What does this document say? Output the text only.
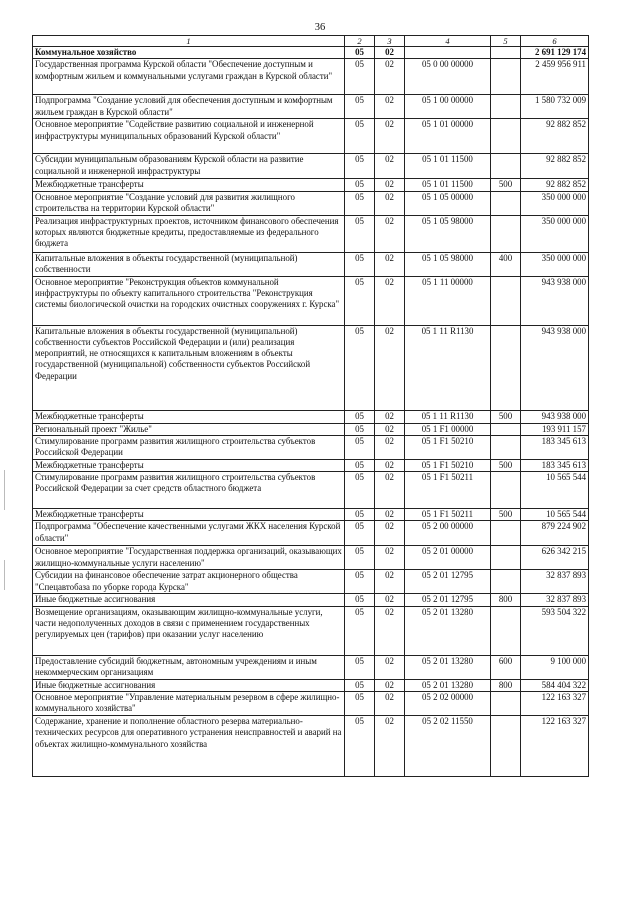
36
1	2	3	4	5	6
Коммунальное хозяйство	05	02			2 691 129 174
Государственная программа Курской области "Обеспечение доступным и комфортным жильем и коммунальными услугами граждан в Курской области"	05	02	05 0 00 00000		2 459 956 911
Подпрограмма "Создание условий для обеспечения доступным и комфортным жильем граждан в Курской области"	05	02	05 1 00 00000		1 580 732 009
Основное мероприятие "Содействие развитию социальной и инженерной инфраструктуры муниципальных образований Курской области"	05	02	05 1 01 00000		92 882 852
Субсидии муниципальным образованиям Курской области на развитие социальной и инженерной инфраструктуры	05	02	05 1 01 11500		92 882 852
Межбюджетные трансферты	05	02	05 1 01 11500	500	92 882 852
Основное мероприятие "Создание условий для развития жилищного строительства на территории Курской области"	05	02	05 1 05 00000		350 000 000
Реализация инфраструктурных проектов, источником финансового обеспечения которых являются бюджетные кредиты, предоставляемые из федерального бюджета	05	02	05 1 05 98000		350 000 000
Капитальные вложения в объекты государственной (муниципальной) собственности	05	02	05 1 05 98000	400	350 000 000
Основное мероприятие "Реконструкция объектов коммунальной инфраструктуры по объекту капитального строительства "Реконструкция системы биологической очистки на городских очистных сооружениях г. Курска"	05	02	05 1 11 00000		943 938 000
Капитальные вложения в объекты государственной (муниципальной) собственности субъектов Российской Федерации и (или) реализация мероприятий, не относящихся к капитальным вложениям в объекты государственной (муниципальной) собственности субъектов Российской Федерации	05	02	05 1 11 R1130		943 938 000
Межбюджетные трансферты	05	02	05 1 11 R1130	500	943 938 000
Региональный проект "Жилье"	05	02	05 1 F1 00000		193 911 157
Стимулирование программ развития жилищного строительства субъектов Российской Федерации	05	02	05 1 F1 50210		183 345 613
Межбюджетные трансферты	05	02	05 1 F1 50210	500	183 345 613
Стимулирование программ развития жилищного строительства субъектов Российской Федерации за счет средств областного бюджета	05	02	05 1 F1 50211		10 565 544
Межбюджетные трансферты	05	02	05 1 F1 50211	500	10 565 544
Подпрограмма "Обеспечение качественными услугами ЖКХ населения Курской области"	05	02	05 2 00 00000		879 224 902
Основное мероприятие "Государственная поддержка организаций, оказывающих жилищно-коммунальные услуги населению"	05	02	05 2 01 00000		626 342 215
Субсидии на финансовое обеспечение затрат акционерного общества "Спецавтобаза по уборке города Курска"	05	02	05 2 01 12795		32 837 893
Иные бюджетные ассигнования	05	02	05 2 01 12795	800	32 837 893
Возмещение организациям, оказывающим жилищно-коммунальные услуги, части недополученных доходов в связи с применением государственных регулируемых цен (тарифов) при оказании услуг населению	05	02	05 2 01 13280		593 504 322
Предоставление субсидий бюджетным, автономным учреждениям и иным некоммерческим организациям	05	02	05 2 01 13280	600	9 100 000
Иные бюджетные ассигнования	05	02	05 2 01 13280	800	584 404 322
Основное мероприятие "Управление материальным резервом в сфере жилищно-коммунального хозяйства"	05	02	05 2 02 00000		122 163 327
Содержание, хранение и пополнение областного резерва материально-технических ресурсов для оперативного устранения неисправностей и аварий на объектах жилищно-коммунального хозяйства	05	02	05 2 02 11550		122 163 327
